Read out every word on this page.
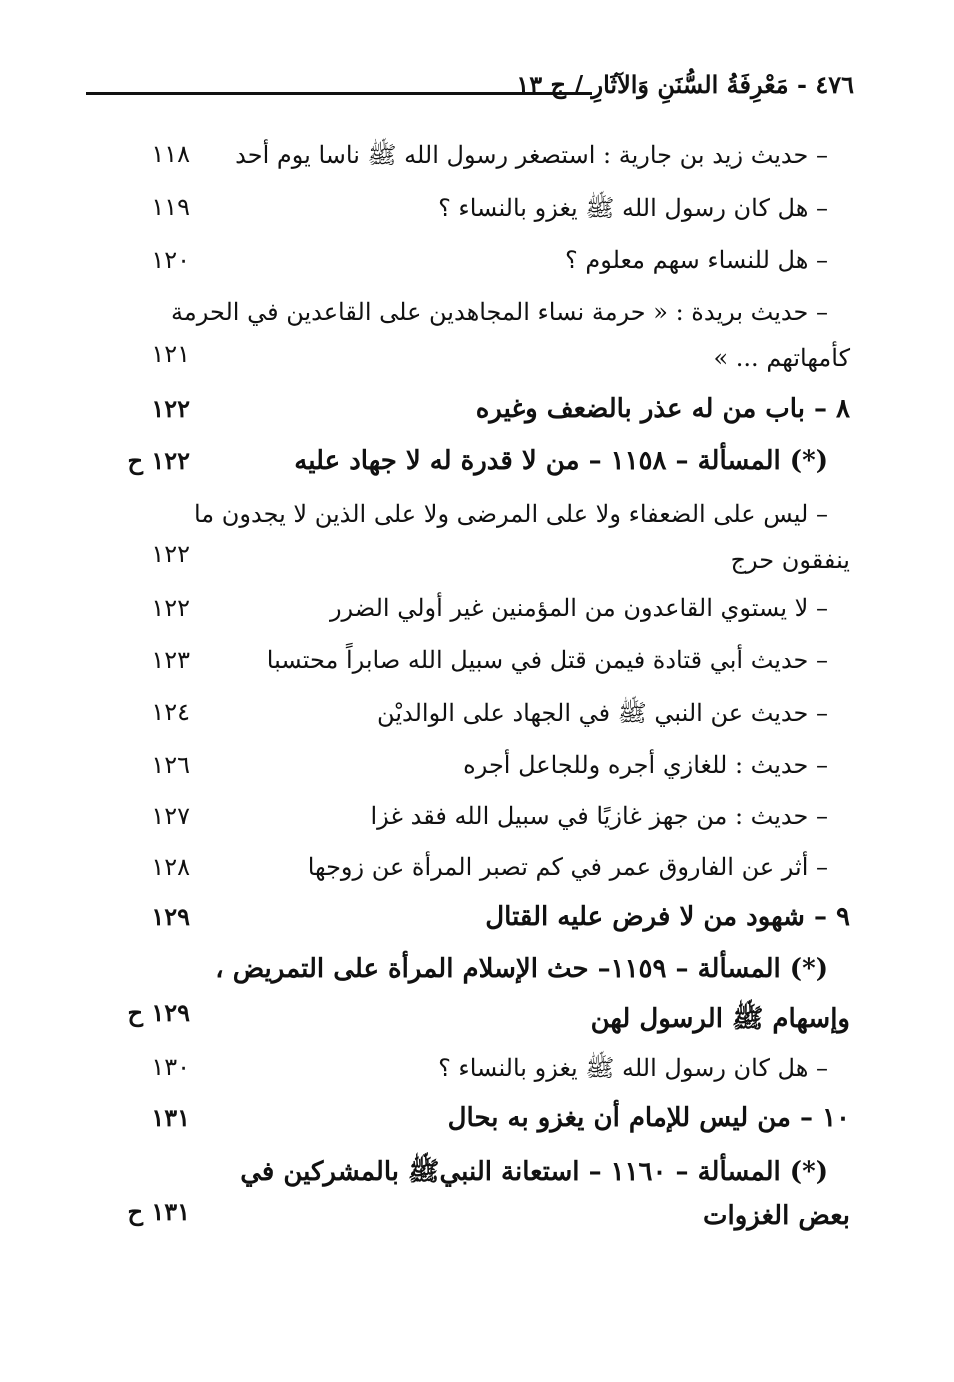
٤٧٦ - مَعْرِفَةُ السُّنَنِ وَالآثَارِ / ج ١٣
– حديث زيد بن جارية : استصغر رسول الله ﷺ ناسا يوم أحد
١١٨
– هل كان رسول الله ﷺ يغزو بالنساء ؟
١١٩
– هل للنساء سهم معلوم ؟
١٢٠
– حديث بريدة : « حرمة نساء المجاهدين على القاعدين في الحرمة
كأمهاتهم ... »
١٢١
٨ – باب من له عذر بالضعف وغيره
١٢٢
(*) المسألة – ١١٥٨ – من لا قدرة له لا جهاد عليه
١٢٢ ح
– ليس على الضعفاء ولا على المرضى ولا على الذين لا يجدون ما
ينفقون حرج
١٢٢
– لا يستوي القاعدون من المؤمنين غير أولي الضرر
١٢٢
– حديث أبي قتادة فيمن قتل في سبيل الله صابراً محتسبا
١٢٣
– حديث عن النبي ﷺ في الجهاد على الوالديْن
١٢٤
– حديث : للغازي أجره وللجاعل أجره
١٢٦
– حديث : من جهز غازيًا في سبيل الله فقد غزا
١٢٧
– أثر عن الفاروق عمر في كم تصبر المرأة عن زوجها
١٢٨
٩ – شهود من لا فرض عليه القتال
١٢٩
(*) المسألة – ١١٥٩– حث الإسلام المرأة على التمريض ،
وإسهام ﷺ الرسول لهن
١٢٩ ح
– هل كان رسول الله ﷺ يغزو بالنساء ؟
١٣٠
١٠ – من ليس للإمام أن يغزو به بحال
١٣١
(*) المسألة – ١١٦٠ – استعانة النبيﷺ بالمشركين في
بعض الغزوات
١٣١ ح
